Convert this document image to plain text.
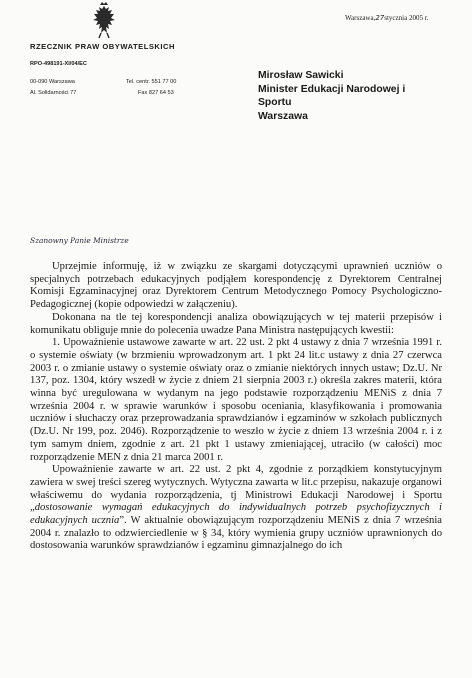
RZECZNIK PRAW OBYWATELSKICH
RPO-498191-XI/04/EC
00-090 Warszawa
Al. Solidarności 77
Tel. centr. 551 77 00
Fax 827 64 53
Warszawa,27stycznia 2005 r.
Mirosław Sawicki
Minister Edukacji Narodowej i
Sportu
Warszawa
Szanowny Panie Ministrze

Uprzejmie informuję, iż w związku ze skargami dotyczącymi uprawnień uczniów o specjalnych potrzebach edukacyjnych podjąłem korespondencję z Dyrektorem Centralnej Komisji Egzaminacyjnej oraz Dyrektorem Centrum Metodycznego Pomocy Psychologiczno-Pedagogicznej (kopie odpowiedzi w załączeniu).

Dokonana na tle tej korespondencji analiza obowiązujących w tej materii przepisów i komunikatu obliguje mnie do polecenia uwadze Pana Ministra następujących kwestii:

1. Upoważnienie ustawowe zawarte w art. 22 ust. 2 pkt 4 ustawy z dnia 7 września 1991 r. o systemie oświaty (w brzmieniu wprowadzonym art. 1 pkt 24 lit.c ustawy z dnia 27 czerwca 2003 r. o zmianie ustawy o systemie oświaty oraz o zmianie niektórych innych ustaw; Dz.U. Nr 137, poz. 1304, który wszedł w życie z dniem 21 sierpnia 2003 r.) określa zakres materii, która winna być uregulowana w wydanym na jego podstawie rozporządzeniu MENiS z dnia 7 września 2004 r. w sprawie warunków i sposobu oceniania, klasyfikowania i promowania uczniów i słuchaczy oraz przeprowadzania sprawdzianów i egzaminów w szkołach publicznych (Dz.U. Nr 199, poz. 2046). Rozporządzenie to weszło w życie z dniem 13 września 2004 r. i z tym samym dniem, zgodnie z art. 21 pkt 1 ustawy zmieniającej, utraciło (w całości) moc rozporządzenie MEN z dnia 21 marca 2001 r.

Upoważnienie zawarte w art. 22 ust. 2 pkt 4, zgodnie z porządkiem konstytucyjnym zawiera w swej treści szereg wytycznych. Wytyczna zawarta w lit.c przepisu, nakazuje organowi właściwemu do wydania rozporządzenia, tj Ministrowi Edukacji Narodowej i Sportu „dostosowanie wymagań edukacyjnych do indywidualnych potrzeb psychofizycznych i edukacyjnych ucznia”. W aktualnie obowiązującym rozporządzeniu MENiS z dnia 7 września 2004 r. znalazło to odzwierciedlenie w § 34, który wymienia grupy uczniów uprawnionych do dostosowania warunków sprawdzianów i egzaminu gimnazjalnego do ich
